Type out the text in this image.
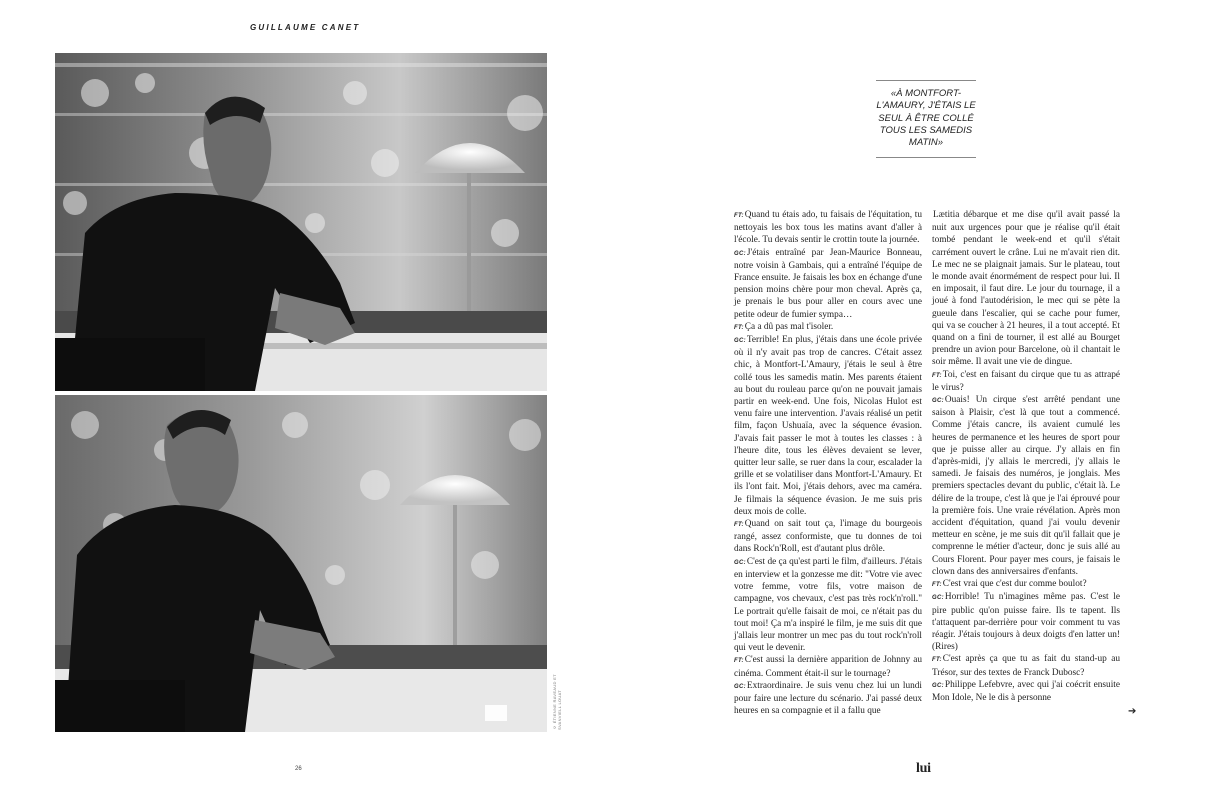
GUILLAUME CANET
© ÉTIENNE RAVEAUD ET SVANVIELL LOUAT
26
«À MONTFORT-L'AMAURY, J'ÉTAIS LE SEUL À ÊTRE COLLÉ TOUS LES SAMEDIS MATIN»

FT:Quand tu étais ado, tu faisais de l'équitation, tu nettoyais les box tous les matins avant d'aller à l'école. Tu devais sentir le crottin toute la journée.

GC:J'étais entraîné par Jean-Maurice Bonneau, notre voisin à Gambais, qui a entraîné l'équipe de France ensuite. Je faisais les box en échange d'une pension moins chère pour mon cheval. Après ça, je prenais le bus pour aller en cours avec une petite odeur de fumier sympa…

FT:Ça a dû pas mal t'isoler.

GC:Terrible! En plus, j'étais dans une école privée où il n'y avait pas trop de cancres. C'était assez chic, à Montfort-L'Amaury, j'étais le seul à être collé tous les samedis matin. Mes parents étaient au bout du rouleau parce qu'on ne pouvait jamais partir en week-end. Une fois, Nicolas Hulot est venu faire une intervention. J'avais réalisé un petit film, façon Ushuaïa, avec la séquence évasion. J'avais fait passer le mot à toutes les classes : à l'heure dite, tous les élèves devaient se lever, quitter leur salle, se ruer dans la cour, escalader la grille et se volatiliser dans Montfort-L'Amaury. Et ils l'ont fait. Moi, j'étais dehors, avec ma caméra. Je filmais la séquence évasion. Je me suis pris deux mois de colle.

FT:Quand on sait tout ça, l'image du bourgeois rangé, assez conformiste, que tu donnes de toi dans Rock'n'Roll, est d'autant plus drôle.

GC:C'est de ça qu'est parti le film, d'ailleurs. J'étais en interview et la gonzesse me dit: "Votre vie avec votre femme, votre fils, votre maison de campagne, vos chevaux, c'est pas très rock'n'roll." Le portrait qu'elle faisait de moi, ce n'était pas du tout moi! Ça m'a inspiré le film, je me suis dit que j'allais leur montrer un mec pas du tout rock'n'roll qui veut le devenir.

FT:C'est aussi la dernière apparition de Johnny au cinéma. Comment était-il sur le tournage?

GC:Extraordinaire. Je suis venu chez lui un lundi pour faire une lecture du scénario. J'ai passé deux heures en sa compagnie et il a fallu que

Lætitia débarque et me dise qu'il avait passé la nuit aux urgences pour que je réalise qu'il était tombé pendant le week-end et qu'il s'était carrément ouvert le crâne. Lui ne m'avait rien dit. Le mec ne se plaignait jamais. Sur le plateau, tout le monde avait énormément de respect pour lui. Il en imposait, il faut dire. Le jour du tournage, il a joué à fond l'autodérision, le mec qui se pète la gueule dans l'escalier, qui se cache pour fumer, qui va se coucher à 21 heures, il a tout accepté. Et quand on a fini de tourner, il est allé au Bourget prendre un avion pour Barcelone, où il chantait le soir même. Il avait une vie de dingue.

FT:Toi, c'est en faisant du cirque que tu as attrapé le virus?

GC:Ouais! Un cirque s'est arrêté pendant une saison à Plaisir, c'est là que tout a commencé. Comme j'étais cancre, ils avaient cumulé les heures de permanence et les heures de sport pour que je puisse aller au cirque. J'y allais en fin d'après-midi, j'y allais le mercredi, j'y allais le samedi. Je faisais des numéros, je jonglais. Mes premiers spectacles devant du public, c'était là. Le délire de la troupe, c'est là que je l'ai éprouvé pour la première fois. Une vraie révélation. Après mon accident d'équitation, quand j'ai voulu devenir metteur en scène, je me suis dit qu'il fallait que je comprenne le métier d'acteur, donc je suis allé au Cours Florent. Pour payer mes cours, je faisais le clown dans des anniversaires d'enfants.

FT:C'est vrai que c'est dur comme boulot?

GC:Horrible! Tu n'imagines même pas. C'est le pire public qu'on puisse faire. Ils te tapent. Ils t'attaquent par-derrière pour voir comment tu vas réagir. J'étais toujours à deux doigts d'en latter un! (Rires)

FT:C'est après ça que tu as fait du stand-up au Trésor, sur des textes de Franck Dubosc?

GC:Philippe Lefebvre, avec qui j'ai coécrit ensuite Mon Idole, Ne le dis à personne

➔
lui
